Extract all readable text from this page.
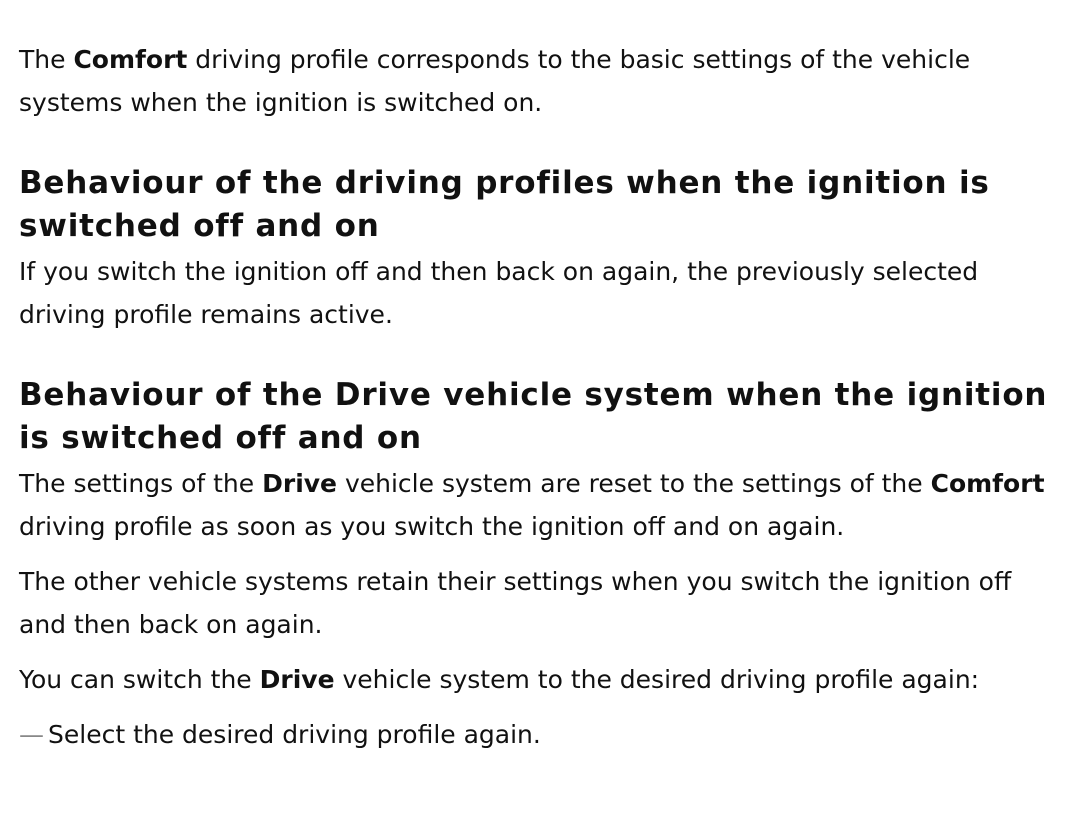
The Comfort driving profile corresponds to the basic settings of the vehicle systems when the ignition is switched on.

Behaviour of the driving profiles when the ignition is switched off and on

If you switch the ignition off and then back on again, the previously selected driving profile remains active.

Behaviour of the Drive vehicle system when the ignition is switched off and on

The settings of the Drive vehicle system are reset to the settings of the Comfort driving profile as soon as you switch the ignition off and on again.

The other vehicle systems retain their settings when you switch the ignition off and then back on again.

You can switch the Drive vehicle system to the desired driving profile again:

— Select the desired driving profile again.
